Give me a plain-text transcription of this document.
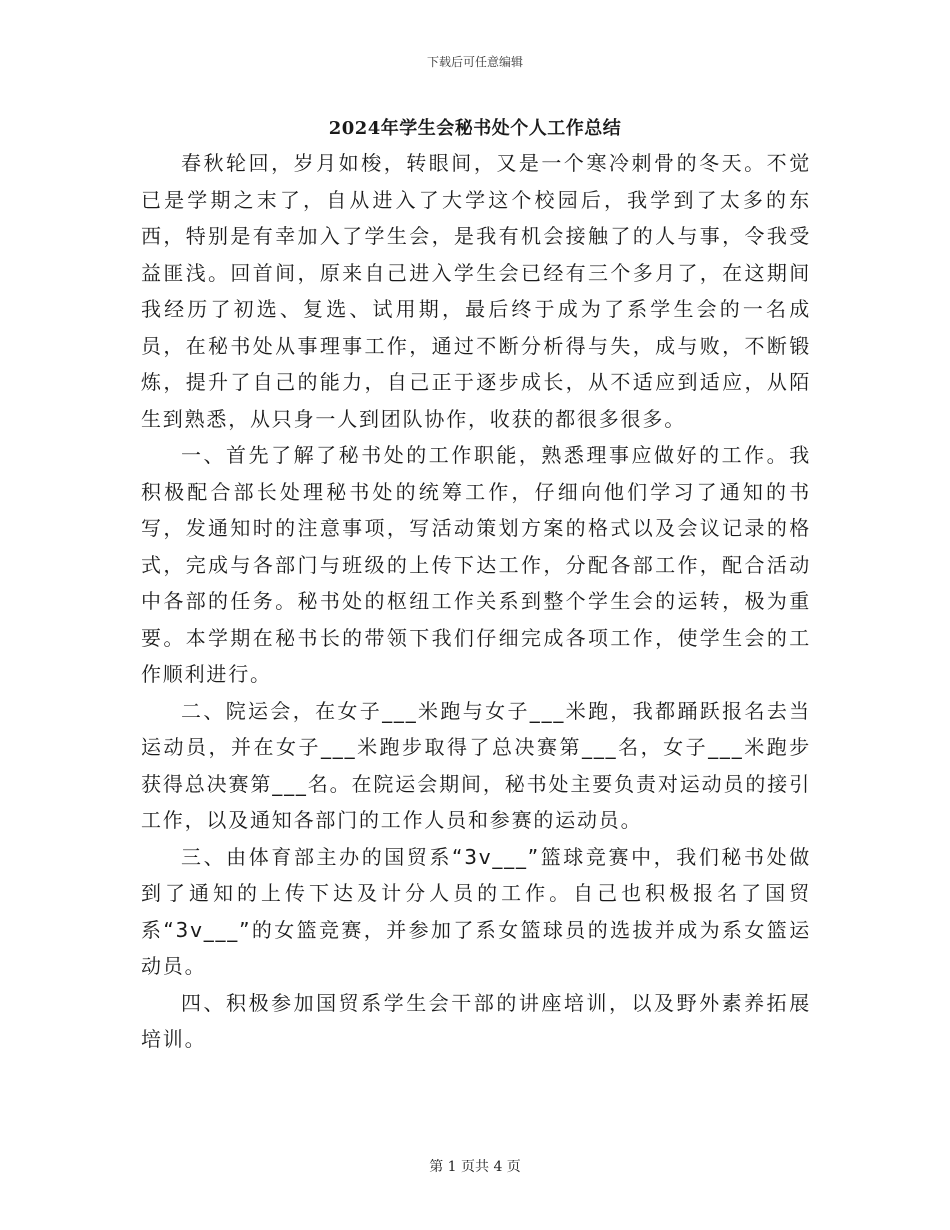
下载后可任意编辑
2024年学生会秘书处个人工作总结

春秋轮回，岁月如梭，转眼间，又是一个寒冷刺骨的冬天。不觉已是学期之末了，自从进入了大学这个校园后，我学到了太多的东西，特别是有幸加入了学生会，是我有机会接触了的人与事，令我受益匪浅。回首间，原来自己进入学生会已经有三个多月了，在这期间我经历了初选、复选、试用期，最后终于成为了系学生会的一名成员，在秘书处从事理事工作，通过不断分析得与失，成与败，不断锻炼，提升了自己的能力，自己正于逐步成长，从不适应到适应，从陌生到熟悉，从只身一人到团队协作，收获的都很多很多。

一、首先了解了秘书处的工作职能，熟悉理事应做好的工作。我积极配合部长处理秘书处的统筹工作，仔细向他们学习了通知的书写，发通知时的注意事项，写活动策划方案的格式以及会议记录的格式，完成与各部门与班级的上传下达工作，分配各部工作，配合活动中各部的任务。秘书处的枢纽工作关系到整个学生会的运转，极为重要。本学期在秘书长的带领下我们仔细完成各项工作，使学生会的工作顺利进行。

二、院运会，在女子___米跑与女子___米跑，我都踊跃报名去当运动员，并在女子___米跑步取得了总决赛第___名，女子___米跑步获得总决赛第___名。在院运会期间，秘书处主要负责对运动员的接引工作，以及通知各部门的工作人员和参赛的运动员。

三、由体育部主办的国贸系“3v___”篮球竞赛中，我们秘书处做到了通知的上传下达及计分人员的工作。自己也积极报名了国贸系“3v___”的女篮竞赛，并参加了系女篮球员的选拔并成为系女篮运动员。

四、积极参加国贸系学生会干部的讲座培训，以及野外素养拓展培训。

第 1 页共 4 页
